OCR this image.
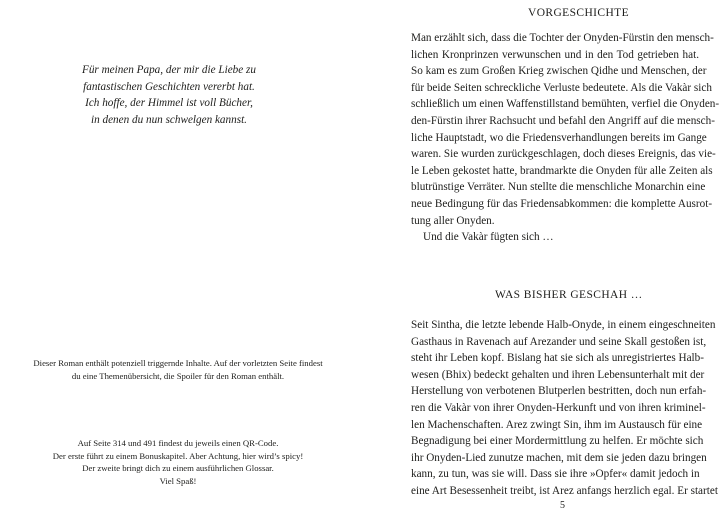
Für meinen Papa, der mir die Liebe zu
fantastischen Geschichten vererbt hat.
Ich hoffe, der Himmel ist voll Bücher,
in denen du nun schwelgen kannst.

Dieser Roman enthält potenziell triggernde Inhalte. Auf der vorletzten Seite findest
du eine Themenübersicht, die Spoiler für den Roman enthält.

Auf Seite 314 und 491 findest du jeweils einen QR-Code.
Der erste führt zu einem Bonuskapitel. Aber Achtung, hier wird’s spicy!
Der zweite bringt dich zu einem ausführlichen Glossar.
Viel Spaß!

VORGESCHICHTE
Man erzählt sich, dass die Tochter der Onyden-Fürstin den mensch-
lichen Kronprinzen verwunschen und in den Tod getrieben hat.
So kam es zum Großen Krieg zwischen Qidhe und Menschen, der
für beide Seiten schreckliche Verluste bedeutete. Als die Vakàr sich
schließlich um einen Waffenstillstand bemühten, verfiel die Onyden-
den-Fürstin ihrer Rachsucht und befahl den Angriff auf die mensch-
liche Hauptstadt, wo die Friedensverhandlungen bereits im Gange
waren. Sie wurden zurückgeschlagen, doch dieses Ereignis, das vie-
le Leben gekostet hatte, brandmarkte die Onyden für alle Zeiten als
blutrünstige Verräter. Nun stellte die menschliche Monarchin eine
neue Bedingung für das Friedensabkommen: die komplette Ausrot-
tung aller Onyden.
Und die Vakàr fügten sich …
WAS BISHER GESCHAH …
Seit Sintha, die letzte lebende Halb-Onyde, in einem eingeschneiten
Gasthaus in Ravenach auf Arezander und seine Skall gestoßen ist,
steht ihr Leben kopf. Bislang hat sie sich als unregistriertes Halb-
wesen (Bhix) bedeckt gehalten und ihren Lebensunterhalt mit der
Herstellung von verbotenen Blutperlen bestritten, doch nun erfah-
ren die Vakàr von ihrer Onyden-Herkunft und von ihren kriminel-
len Machenschaften. Arez zwingt Sin, ihm im Austausch für eine
Begnadigung bei einer Mordermittlung zu helfen. Er möchte sich
ihr Onyden-Lied zunutze machen, mit dem sie jeden dazu bringen
kann, zu tun, was sie will. Dass sie ihre »Opfer« damit jedoch in
eine Art Besessenheit treibt, ist Arez anfangs herzlich egal. Er startet

5
